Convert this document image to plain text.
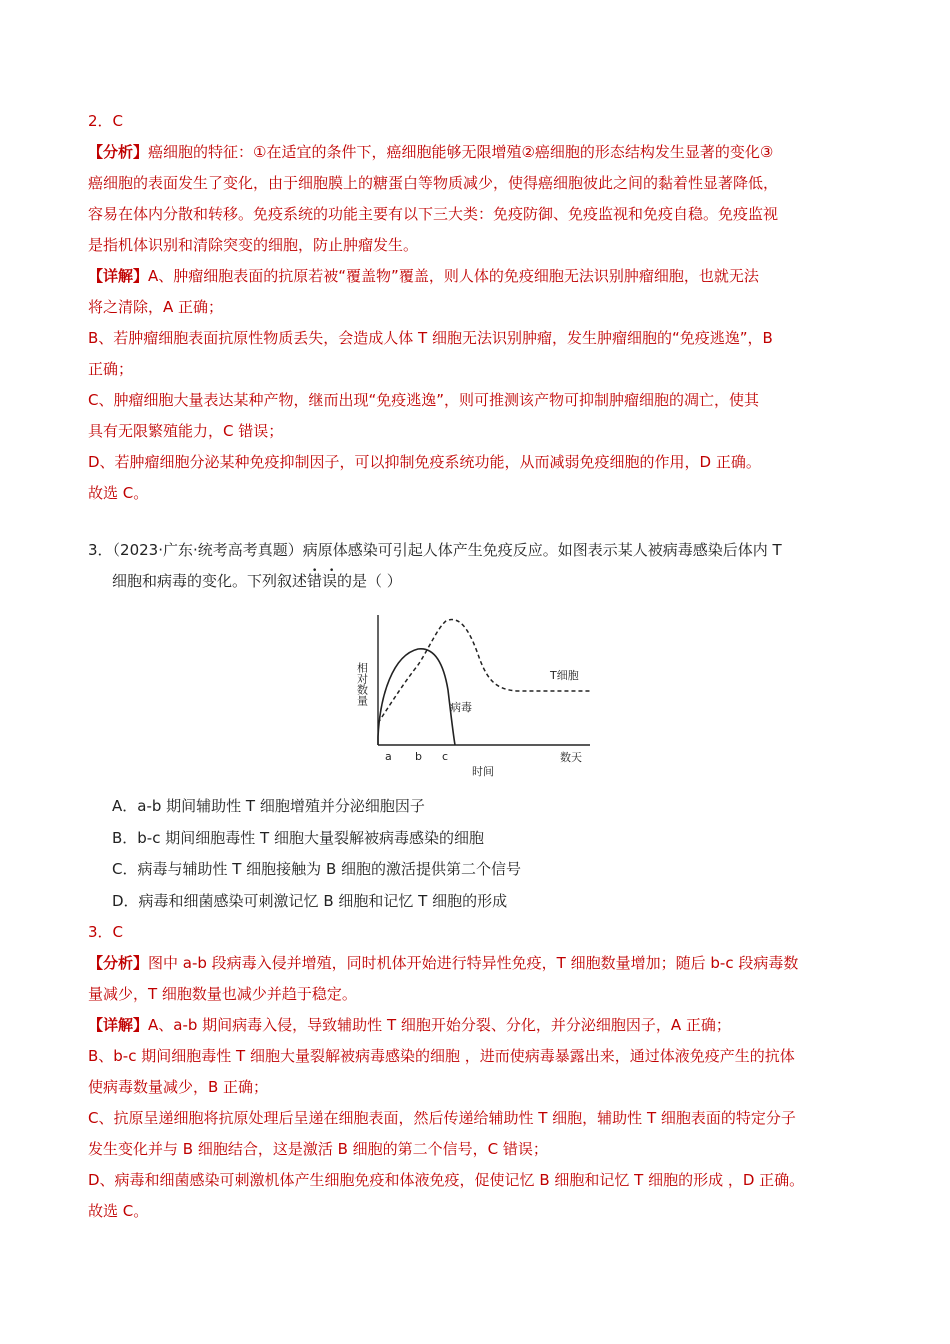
2．C
【分析】癌细胞的特征：①在适宜的条件下，癌细胞能够无限增殖②癌细胞的形态结构发生显著的变化③
癌细胞的表面发生了变化，由于细胞膜上的糖蛋白等物质减少，使得癌细胞彼此之间的黏着性显著降低，
容易在体内分散和转移。免疫系统的功能主要有以下三大类：免疫防御、免疫监视和免疫自稳。免疫监视
是指机体识别和清除突变的细胞，防止肿瘤发生。
【详解】A、肿瘤细胞表面的抗原若被“覆盖物”覆盖，则人体的免疫细胞无法识别肿瘤细胞，也就无法
将之清除，A 正确；
B、若肿瘤细胞表面抗原性物质丢失，会造成人体 T 细胞无法识别肿瘤，发生肿瘤细胞的“免疫逃逸”，B
正确；
C、肿瘤细胞大量表达某种产物，继而出现“免疫逃逸”，则可推测该产物可抑制肿瘤细胞的凋亡，使其
具有无限繁殖能力，C 错误；
D、若肿瘤细胞分泌某种免疫抑制因子，可以抑制免疫系统功能，从而减弱免疫细胞的作用，D 正确。
故选 C。
3．（2023·广东·统考高考真题）病原体感染可引起人体产生免疫反应。如图表示某人被病毒感染后体内 T
细胞和病毒的变化。下列叙述错误 •  •的是（ ）
相对数量	T细胞
病毒
a b c
时间
数天
A．a-b 期间辅助性 T 细胞增殖并分泌细胞因子
B．b-c 期间细胞毒性 T 细胞大量裂解被病毒感染的细胞
C．病毒与辅助性 T 细胞接触为 B 细胞的激活提供第二个信号
D．病毒和细菌感染可刺激记忆 B 细胞和记忆 T 细胞的形成
3．C
【分析】图中 a-b 段病毒入侵并增殖，同时机体开始进行特异性免疫，T 细胞数量增加；随后 b-c 段病毒数
量减少，T 细胞数量也减少并趋于稳定。
【详解】A、a-b 期间病毒入侵，导致辅助性 T 细胞开始分裂、分化，并分泌细胞因子，A 正确；
B、b-c 期间细胞毒性 T 细胞大量裂解被病毒感染的细胞 ，进而使病毒暴露出来，通过体液免疫产生的抗体
使病毒数量减少，B 正确；
C、抗原呈递细胞将抗原处理后呈递在细胞表面，然后传递给辅助性 T 细胞，辅助性 T 细胞表面的特定分子
发生变化并与 B 细胞结合，这是激活 B 细胞的第二个信号，C 错误；
D、病毒和细菌感染可刺激机体产生细胞免疫和体液免疫，促使记忆 B 细胞和记忆 T 细胞的形成 ，D 正确。
故选 C。
